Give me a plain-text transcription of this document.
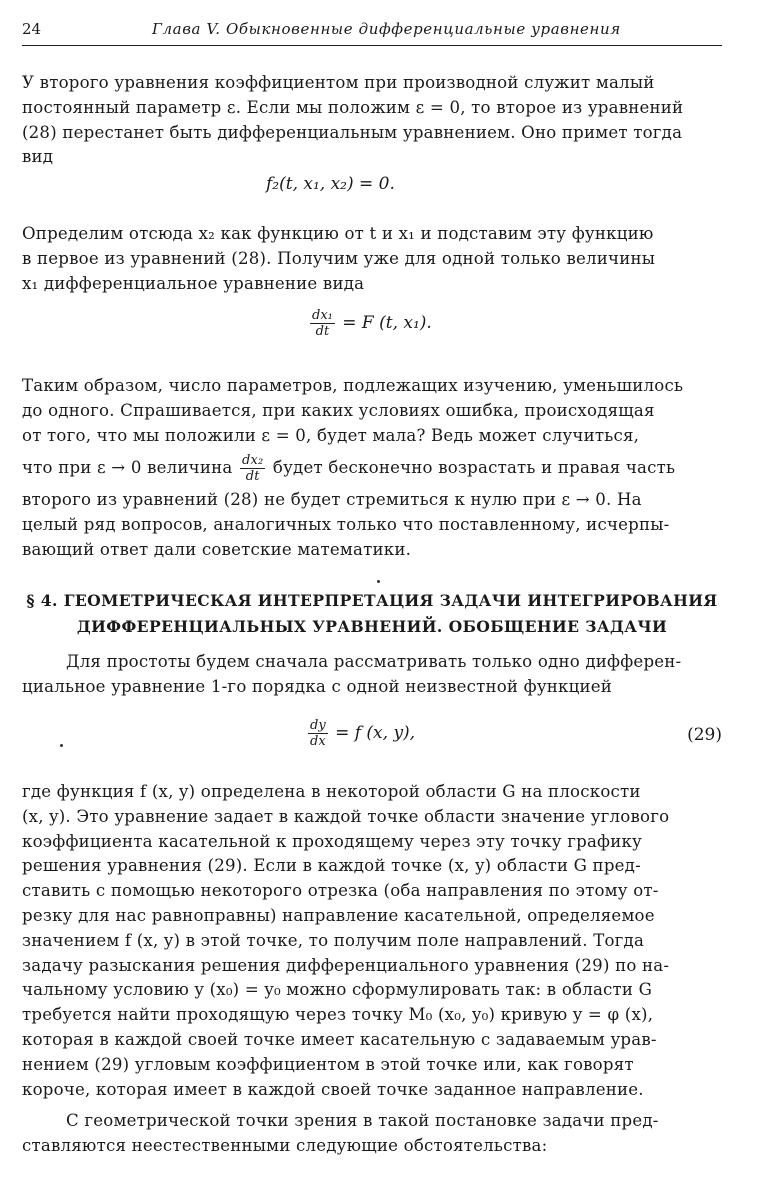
24	Глава V. Обыкновенные дифференциальные уравнения
У второго уравнения коэффициентом при производной служит малый
постоянный параметр ε. Если мы положим ε = 0, то второе из уравнений
(28) перестанет быть дифференциальным уравнением. Оно примет тогда
вид
f₂(t, x₁, x₂) = 0.
Определим отсюда x₂ как функцию от t и x₁ и подставим эту функцию
в первое из уравнений (28). Получим уже для одной только величины
x₁ дифференциальное уравнение вида
$\frac{\text{dx₁}}{dt} = F$ (t, x₁).
Таким образом, число параметров, подлежащих изучению, уменьшилось
до одного. Спрашивается, при каких условиях ошибка, происходящая
от того, что мы положили ε = 0, будет мала? Ведь может случиться,
что при ε → 0 величина $\frac{\text{dx₂}}{dt}$ будет бесконечно возрастать и правая часть
второго из уравнений (28) не будет стремиться к нулю при ε → 0. На
целый ряд вопросов, аналогичных только что поставленному, исчерпы-
вающий ответ дали советские математики.
§ 4. ГЕОМЕТРИЧЕСКАЯ ИНТЕРПРЕТАЦИЯ ЗАДАЧИ ИНТЕГРИРОВАНИЯ
ДИФФЕРЕНЦИАЛЬНЫХ УРАВНЕНИЙ. ОБОБЩЕНИЕ ЗАДАЧИ
Для простоты будем сначала рассматривать только одно дифферен-
циальное уравнение 1-го порядка с одной неизвестной функцией
$\frac{dy}{dx} = f$ (x, y),	(29)
где функция f (x, y) определена в некоторой области G на плоскости
(x, y). Это уравнение задает в каждой точке области значение углового
коэффициента касательной к проходящему через эту точку графику
решения уравнения (29). Если в каждой точке (x, y) области G пред-
ставить с помощью некоторого отрезка (оба направления по этому от-
резку для нас равноправны) направление касательной, определяемое
значением f (x, y) в этой точке, то получим поле направлений. Тогда
задачу разыскания решения дифференциального уравнения (29) по на-
чальному условию y (x₀) = y₀ можно сформулировать так: в области G
требуется найти проходящую через точку M₀ (x₀, y₀) кривую y = φ (x),
которая в каждой своей точке имеет касательную с задаваемым урав-
нением (29) угловым коэффициентом в этой точке или, как говорят
короче, которая имеет в каждой своей точке заданное направление.
С геометрической точки зрения в такой постановке задачи пред-
ставляются неестественными следующие обстоятельства:
